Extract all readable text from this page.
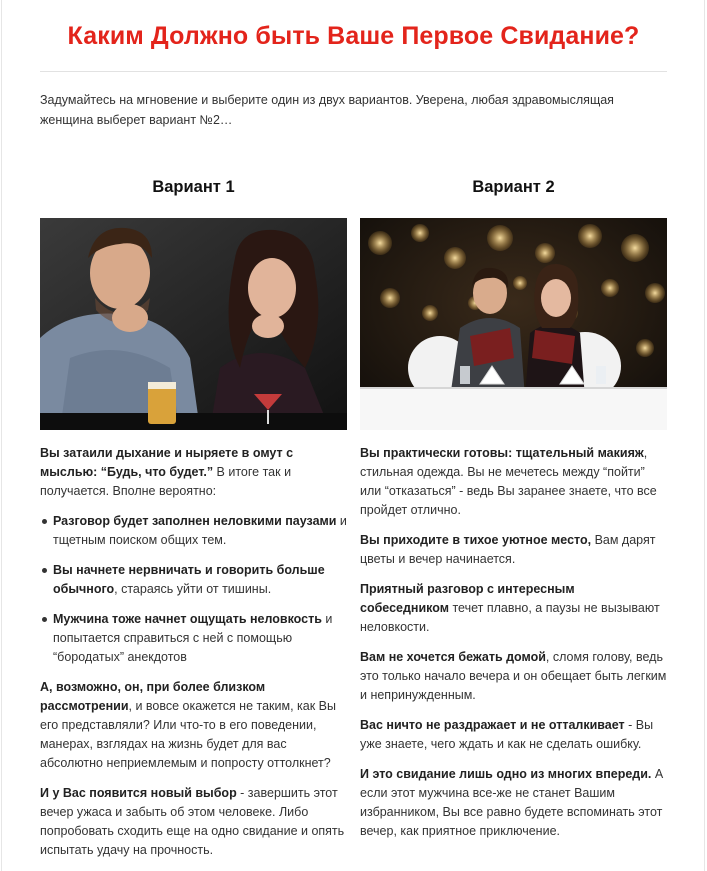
Каким Должно быть Ваше Первое Свидание?
Задумайтесь на мгновение и выберите один из двух вариантов. Уверена, любая здравомыслящая женщина выберет вариант №2…
Вариант 1

Вы затаили дыхание и ныряете в омут с мыслью: “Будь, что будет.” В итоге так и получается. Вполне вероятно:

Разговор будет заполнен неловкими паузами и тщетным поиском общих тем.
Вы начнете нервничать и говорить больше обычного, стараясь уйти от тишины.
Мужчина тоже начнет ощущать неловкость и попытается справиться с ней с помощью “бородатых” анекдотов

А, возможно, он, при более близком рассмотрении, и вовсе окажется не таким, как Вы его представляли? Или что-то в его поведении, манерах, взглядах на жизнь будет для вас абсолютно неприемлемым и попросту оттолкнет?

И у Вас появится новый выбор - завершить этот вечер ужаса и забыть об этом человеке. Либо попробовать сходить еще на одно свидание и опять испытать удачу на прочность.

Вариант 2

Вы практически готовы: тщательный макияж, стильная одежда. Вы не мечетесь между “пойти” или “отказаться” - ведь Вы заранее знаете, что все пройдет отлично.

Вы приходите в тихое уютное место, Вам дарят цветы и вечер начинается.

Приятный разговор с интересным собеседником течет плавно, а паузы не вызывают неловкости.

Вам не хочется бежать домой, сломя голову, ведь это только начало вечера и он обещает быть легким и непринужденным.

Вас ничто не раздражает и не отталкивает - Вы уже знаете, чего ждать и как не сделать ошибку.

И это свидание лишь одно из многих впереди. А если этот мужчина все-же не станет Вашим избранником, Вы все равно будете вспоминать этот вечер, как приятное приключение.
